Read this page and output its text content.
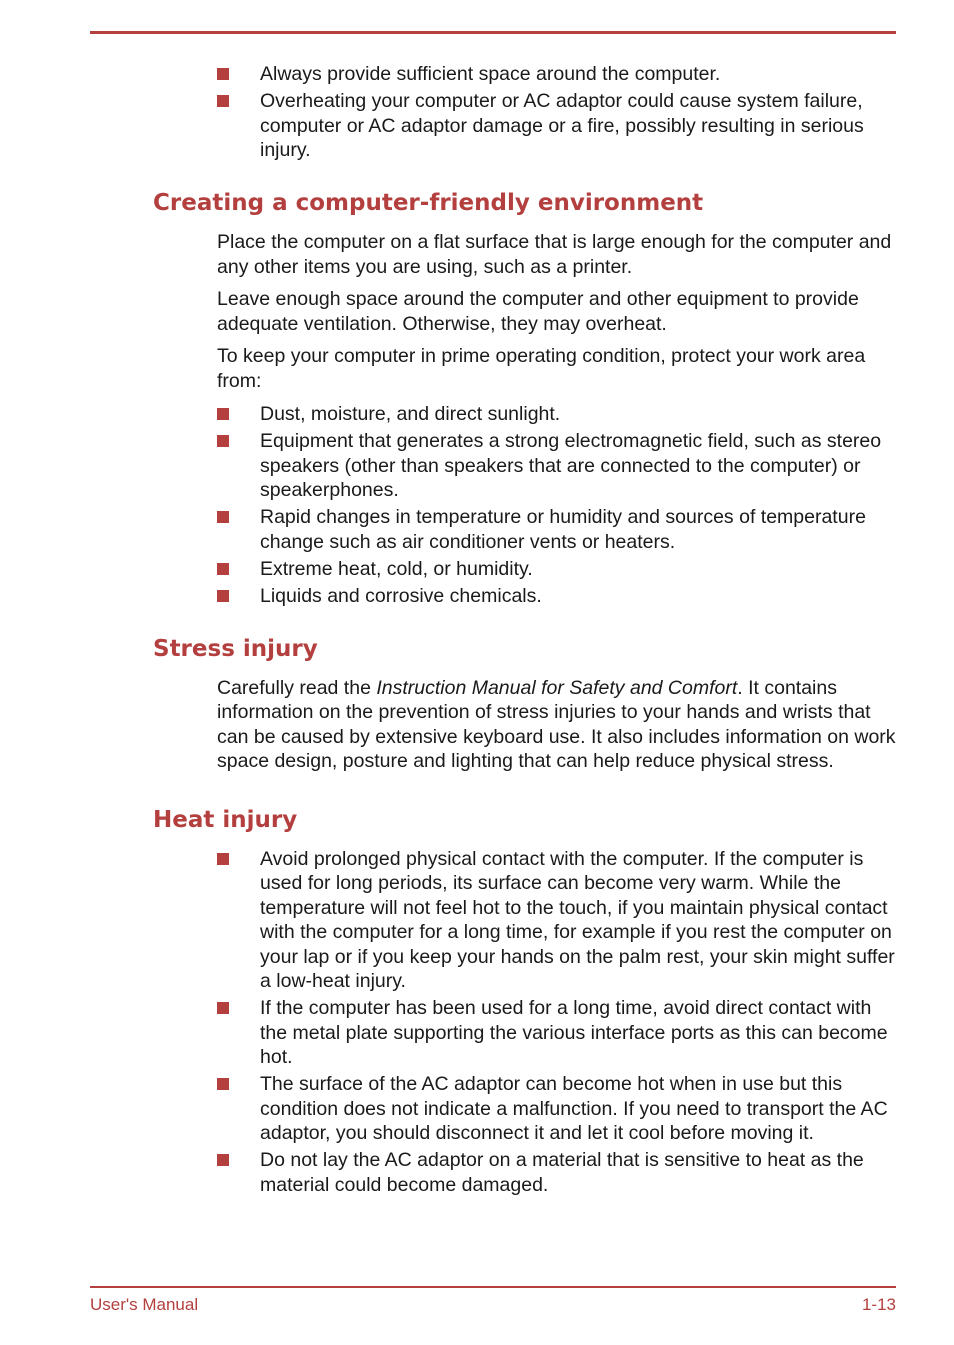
Always provide sufficient space around the computer.
Overheating your computer or AC adaptor could cause system failure, computer or AC adaptor damage or a fire, possibly resulting in serious injury.
Creating a computer-friendly environment

Place the computer on a flat surface that is large enough for the computer and any other items you are using, such as a printer.

Leave enough space around the computer and other equipment to provide adequate ventilation. Otherwise, they may overheat.

To keep your computer in prime operating condition, protect your work area from:

Dust, moisture, and direct sunlight.
Equipment that generates a strong electromagnetic field, such as stereo speakers (other than speakers that are connected to the computer) or speakerphones.
Rapid changes in temperature or humidity and sources of temperature change such as air conditioner vents or heaters.
Extreme heat, cold, or humidity.
Liquids and corrosive chemicals.
Stress injury

Carefully read the Instruction Manual for Safety and Comfort. It contains information on the prevention of stress injuries to your hands and wrists that can be caused by extensive keyboard use. It also includes information on work space design, posture and lighting that can help reduce physical stress.

Heat injury
Avoid prolonged physical contact with the computer. If the computer is used for long periods, its surface can become very warm. While the temperature will not feel hot to the touch, if you maintain physical contact with the computer for a long time, for example if you rest the computer on your lap or if you keep your hands on the palm rest, your skin might suffer a low-heat injury.
If the computer has been used for a long time, avoid direct contact with the metal plate supporting the various interface ports as this can become hot.
The surface of the AC adaptor can become hot when in use but this condition does not indicate a malfunction. If you need to transport the AC adaptor, you should disconnect it and let it cool before moving it.
Do not lay the AC adaptor on a material that is sensitive to heat as the material could become damaged.
User's Manual	1-13
